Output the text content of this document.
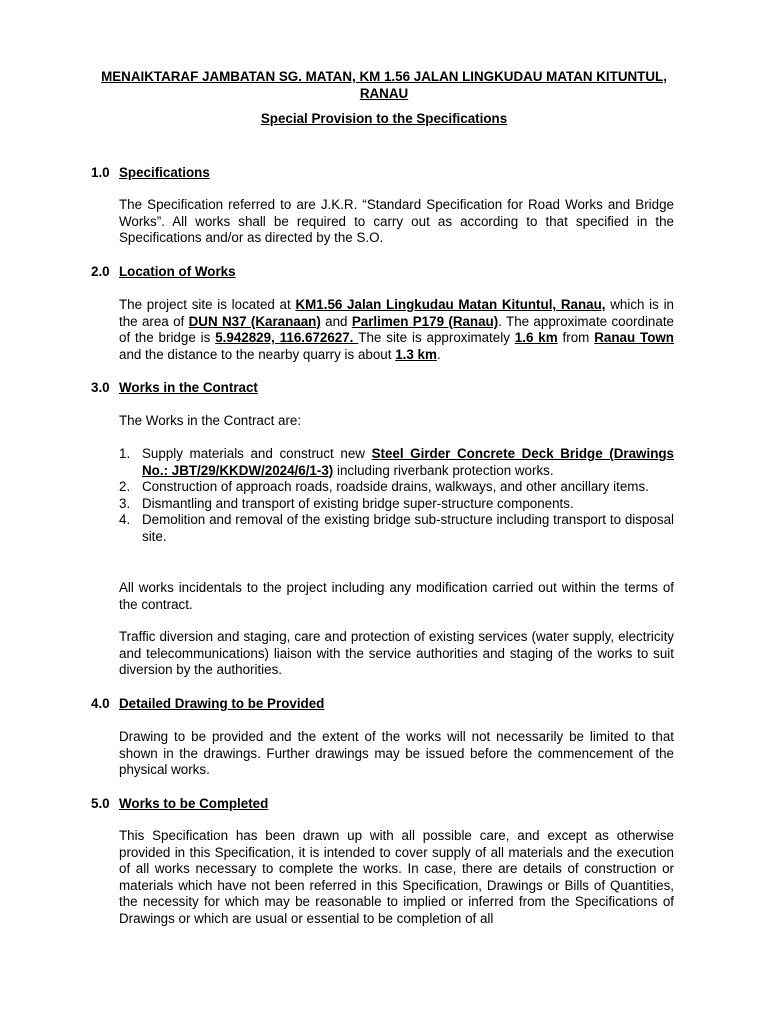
MENAIKTARAF JAMBATAN SG. MATAN, KM 1.56 JALAN LINGKUDAU MATAN KITUNTUL, RANAU
Special Provision to the Specifications
1.0 Specifications
The Specification referred to are J.K.R. “Standard Specification for Road Works and Bridge Works”. All works shall be required to carry out as according to that specified in the Specifications and/or as directed by the S.O.
2.0 Location of Works
The project site is located at KM1.56 Jalan Lingkudau Matan Kituntul, Ranau, which is in the area of DUN N37 (Karanaan) and Parlimen P179 (Ranau). The approximate coordinate of the bridge is 5.942829, 116.672627. The site is approximately 1.6 km from Ranau Town and the distance to the nearby quarry is about 1.3 km.
3.0 Works in the Contract
The Works in the Contract are:
1. Supply materials and construct new Steel Girder Concrete Deck Bridge (Drawings No.: JBT/29/KKDW/2024/6/1-3) including riverbank protection works.
2. Construction of approach roads, roadside drains, walkways, and other ancillary items.
3. Dismantling and transport of existing bridge super-structure components.
4. Demolition and removal of the existing bridge sub-structure including transport to disposal site.
All works incidentals to the project including any modification carried out within the terms of the contract.
Traffic diversion and staging, care and protection of existing services (water supply, electricity and telecommunications) liaison with the service authorities and staging of the works to suit diversion by the authorities.
4.0 Detailed Drawing to be Provided
Drawing to be provided and the extent of the works will not necessarily be limited to that shown in the drawings. Further drawings may be issued before the commencement of the physical works.
5.0 Works to be Completed
This Specification has been drawn up with all possible care, and except as otherwise provided in this Specification, it is intended to cover supply of all materials and the execution of all works necessary to complete the works. In case, there are details of construction or materials which have not been referred in this Specification, Drawings or Bills of Quantities, the necessity for which may be reasonable to implied or inferred from the Specifications of Drawings or which are usual or essential to be completion of all
